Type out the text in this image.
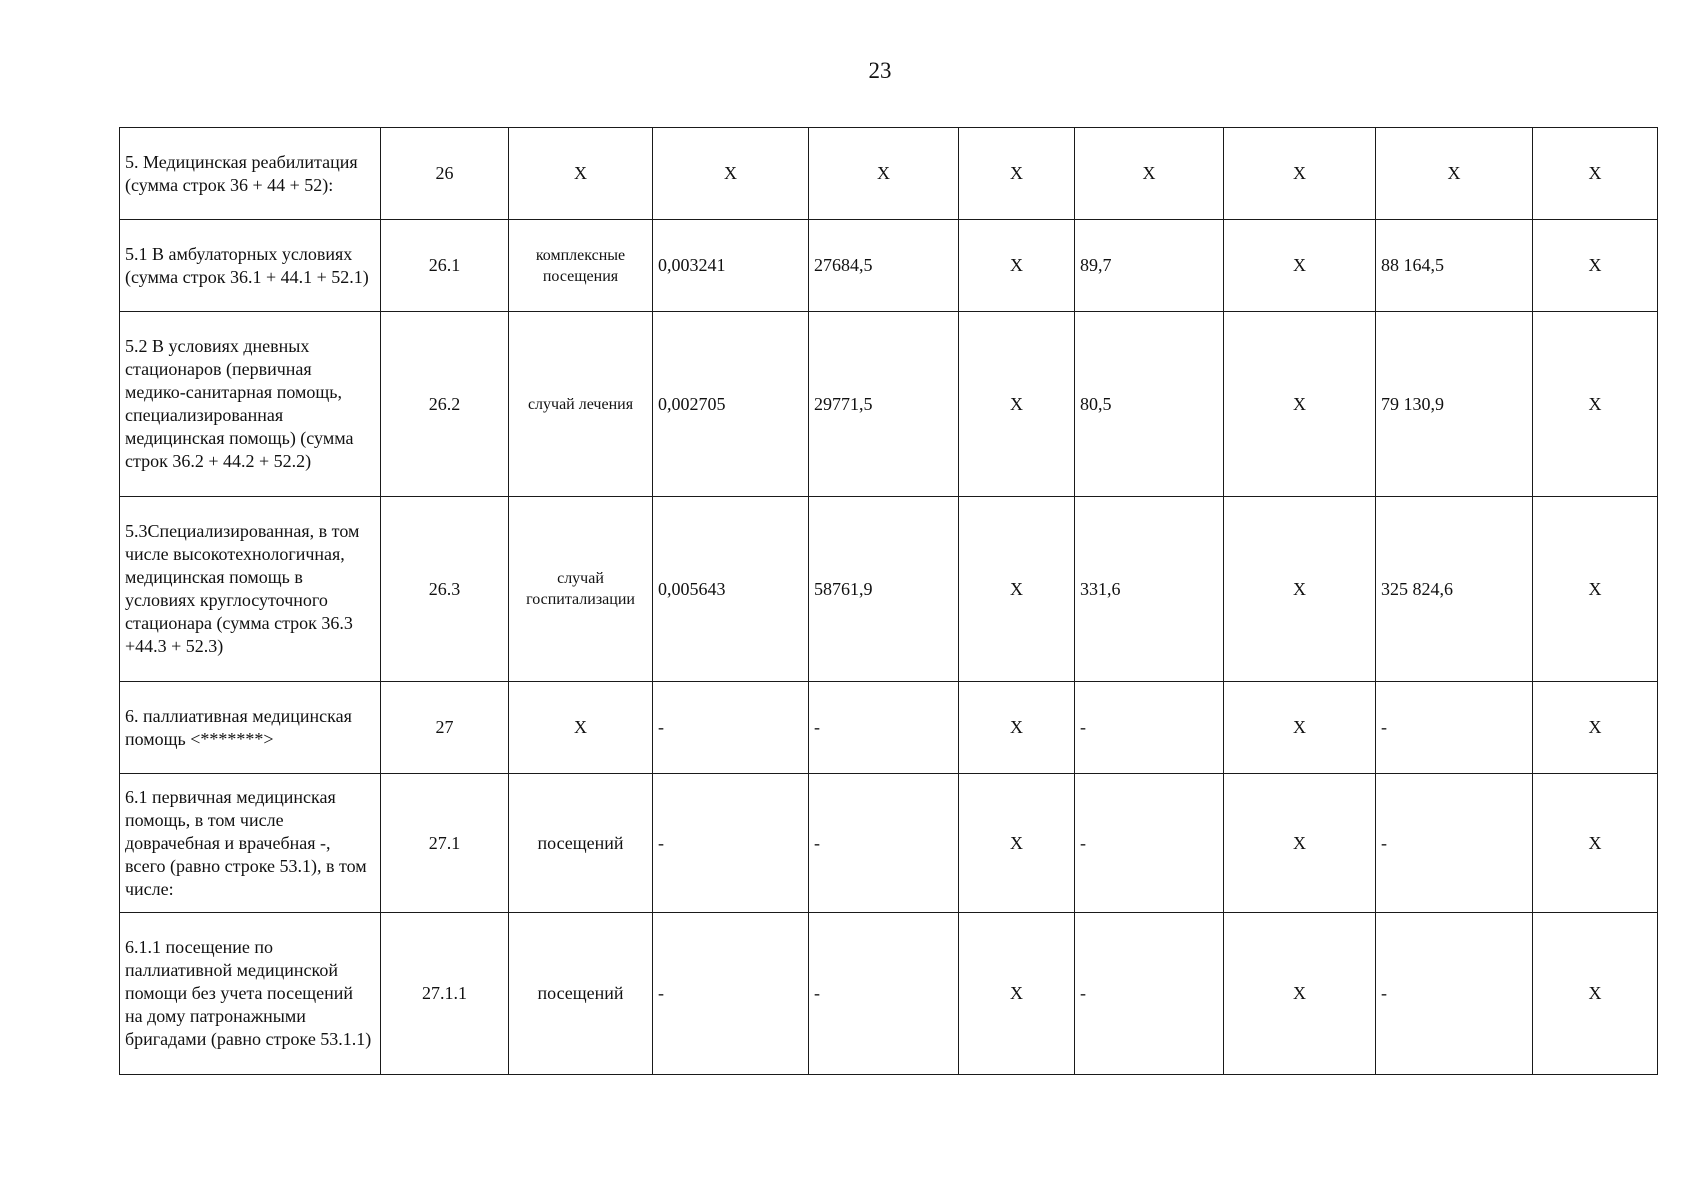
23
5. Медицинская реабилитация (сумма строк 36 + 44 + 52):	26	Х	Х	Х	Х	Х	Х	Х	Х
5.1 В амбулаторных условиях (сумма строк 36.1 + 44.1 + 52.1)	26.1	комплексные посещения	0,003241	27684,5	Х	89,7	Х	88 164,5	Х
5.2 В условиях дневных стационаров (первичная медико-санитарная помощь, специализированная медицинская помощь) (сумма строк 36.2 + 44.2 + 52.2)	26.2	случай лечения	0,002705	29771,5	Х	80,5	Х	79 130,9	Х
5.3Специализированная, в том числе высокотехнологичная, медицинская помощь в условиях круглосуточного стационара (сумма строк 36.3 +44.3 + 52.3)	26.3	случай госпитализации	0,005643	58761,9	Х	331,6	Х	325 824,6	Х
6. паллиативная медицинская помощь <*******>	27	Х	-	-	Х	-	Х	-	Х
6.1 первичная медицинская помощь, в том числе доврачебная и врачебная -, всего (равно строке 53.1), в том числе:	27.1	посещений	-	-	Х	-	Х	-	Х
6.1.1 посещение по паллиативной медицинской помощи без учета посещений на дому патронажными бригадами (равно строке 53.1.1)	27.1.1	посещений	-	-	Х	-	Х	-	Х
